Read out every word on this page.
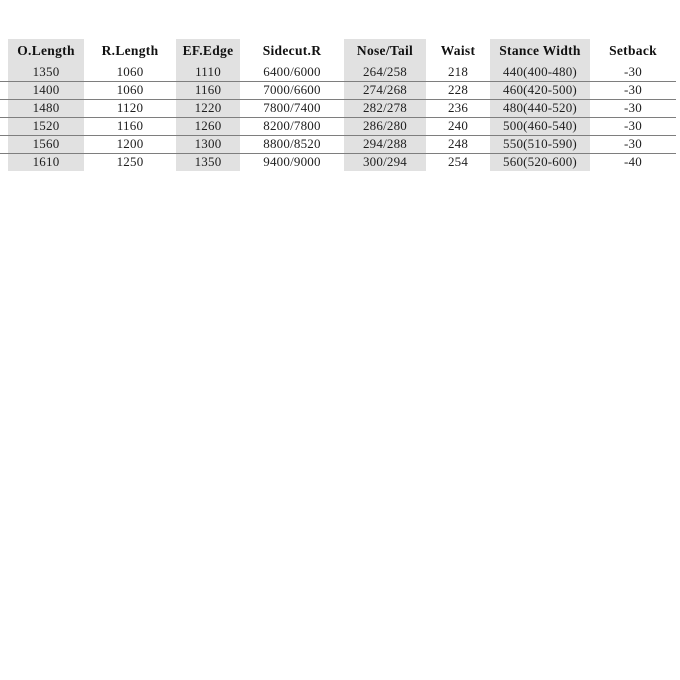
O.Length	R.Length	EF.Edge	Sidecut.R	Nose/Tail	Waist	Stance Width	Setback
1350	1060	1110	6400/6000	264/258	218	440(400-480)	-30
1400	1060	1160	7000/6600	274/268	228	460(420-500)	-30
1480	1120	1220	7800/7400	282/278	236	480(440-520)	-30
1520	1160	1260	8200/7800	286/280	240	500(460-540)	-30
1560	1200	1300	8800/8520	294/288	248	550(510-590)	-30
1610	1250	1350	9400/9000	300/294	254	560(520-600)	-40
